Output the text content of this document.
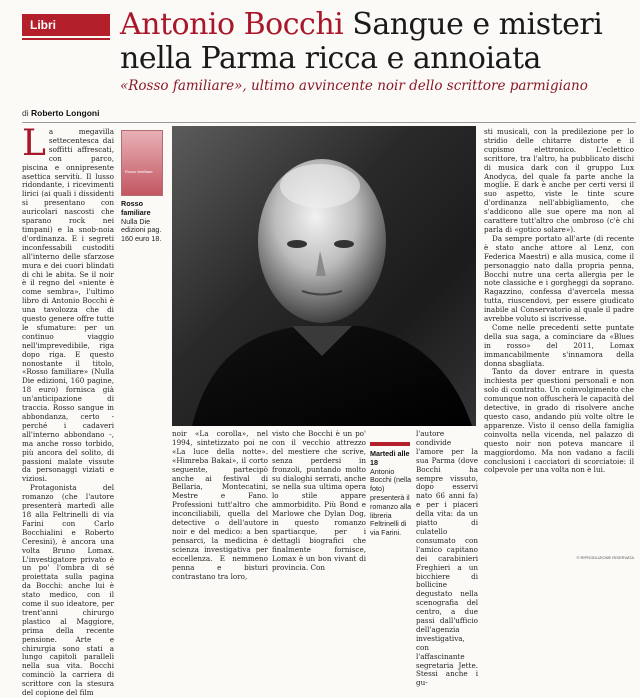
Libri	Antonio Bocchi Sangue e misteri
nella Parma ricca e annoiata
«Rosso familiare», ultimo avvincente noir dello scrittore parmigiano
di Roberto Longoni
L a megavilla settecentesca dai soffitti affrescati, con parco, piscina e onnipresente asettica servitù. Il lusso ridondante, i ricevimenti lirici (ai quali i dissidenti si presentano con auricolari nascosti che sparano rock nei timpani) e la snob-noia d'ordinanza. E i segreti inconfessabili custoditi all'interno delle sfarzose mura e dei cuori blindati di chi le abita. Se il noir è il regno del «niente è come sembra», l'ultimo libro di Antonio Bocchi è una tavolozza che di questo genere offre tutte le sfumature: per un continuo viaggio nell'imprevedibile, riga dopo riga. E questo nonostante il titolo, «Rosso familiare» (Nulla Die edizioni, 160 pagine, 18 euro) fornisca già un'anticipazione di traccia. Rosso sangue in abbondanza, certo - perché i cadaveri all'interno abbondano -, ma anche rosso torbido, più ancora del solito, di passioni malate vissute da personaggi viziati e viziosi.

Protagonista del romanzo (che l'autore presenterà martedì alle 18 alla Feltrinelli di via Farini con Carlo Bocchialini e Roberto Ceresini), è ancora una volta Bruno Lomax. L'investigatore privato è un po' l'ombra di sé proiettata sulla pagina da Bocchi: anche lui è stato medico, con il come il suo ideatore, per trent'anni chirurgo plastico al Maggiore, prima della recente pensione. Arte e chirurgia sono stati a lungo capitoli paralleli nella sua vita. Bocchi cominciò la carriera di scrittore con la stesura del copione del film

Rosso familiare
Rosso familiare
Nulla Die edizioni pag. 160 euro 18.

noir «La corolla», nel 1994, sintetizzato poi ne «La luce della notte». «Himreba Bakai», il corto seguente, partecipò anche ai festival di Bellaria, Montecatini, Mestre e Fano. Professioni tutt'altro che inconciliabili, quella del detective o dell'autore noir e del medico: a ben pensarci, la medicina è scienza investigativa per eccellenza. E nemmeno penna e bisturi contrastano tra loro,

visto che Bocchi è un po' con il vecchio attrezzo del mestiere che scrive, senza perdersi in fronzoli, puntando molto su dialoghi serrati, anche se nella sua ultima opera lo stile appare ammorbidito. Più Bond e Marlowe che Dylan Dog, in questo romanzo spartiacque, per i dettagli biografici che finalmente fornisce, Lomax è un bon vivant di provincia. Con

Martedì alle 18
Antonio Bocchi (nella foto) presenterà il romanzo alla libreria Feltrinelli di via Farini.

l'autore condivide l'amore per la sua Parma (dove Bocchi ha sempre vissuto, dopo esservi nato 66 anni fa) e per i piaceri della vita: da un piatto di culatello consumato con l'amico capitano dei carabinieri Freghieri a un bicchiere di bollicine degustato nella scenografia del centro, a due passi dall'ufficio dell'agenzia investigativa, con l'affascinante segretaria Jette. Stessi anche i gu-

sti musicali, con la predilezione per lo stridio delle chitarre distorte e il cupismo elettronico. L'eclettico scrittore, tra l'altro, ha pubblicato dischi di musica dark con il gruppo Lux Anodyca, del quale fa parte anche la moglie. E dark è anche per certi versi il suo aspetto, viste le tinte scure d'ordinanza nell'abbigliamento, che s'addicono alle sue opere ma non al carattere tutt'altro che ombroso (c'è chi parla di «gotico solare»).

Da sempre portato all'arte (di recente è stato anche attore al Lenz, con Federica Maestri) e alla musica, come il personaggio nato dalla propria penna, Bocchi nutre una certa allergia per le note classiche e i gorgheggi da soprano. Ragazzino, confessa d'avercela messa tutta, riuscendovi, per essere giudicato inabile al Conservatorio al quale il padre avrebbe voluto si iscrivesse.

Come nelle precedenti sette puntate della sua saga, a cominciare da «Blues in rosso» del 2011, Lomax immancabilmente s'innamora della donna sbagliata.

Tanto da dover entrare in questa inchiesta per questioni personali e non solo di contratto. Un coinvolgimento che comunque non offuscherà le capacità del detective, in grado di risolvere anche questo caso, andando più volte oltre le apparenze. Visto il censo della famiglia coinvolta nella vicenda, nel palazzo di questo noir non poteva mancare il maggiordomo. Ma non vadano a facili conclusioni i cacciatori di scorciatoie: il colpevole per una volta non è lui.

© RIPRODUZIONE RISERVATA
